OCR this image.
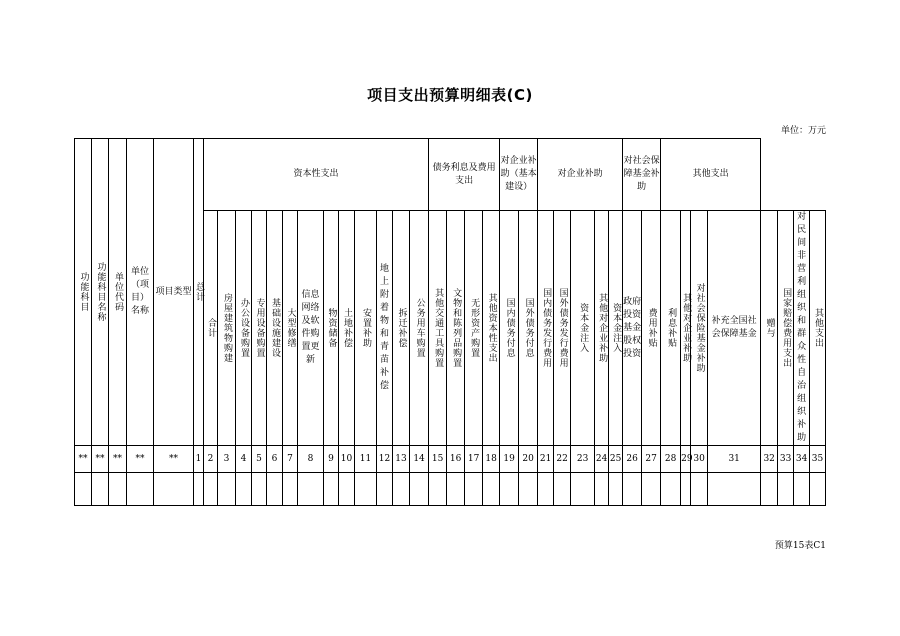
项目支出预算明细表(C)
单位：万元
功能科目	功能科目名称	单位代码	单位（项目）名称	项目类型	总计	资本性支出													债务利息及费用支出				对企业补助（基本建设）		对企业补助					对社会保障基金补助		其他支出							
						合计	房屋建筑物购建	办公设备购置	专用设备购置	基础设施建设	大型修缮	信息网络及软件购置更新	物资储备	土地补偿	安置补助	地上附着物和青苗补偿	拆迁补偿	公务用车购置	其他交通工具购置	文物和陈列品购置	无形资产购置	其他资本性支出	国内债务付息	国外债务付息	国内债务发行费用	国外债务发行费用	资本金注入	其他对企业补助	资本金注入	政府投资基金股权投资	费用补贴	利息补贴	其他对企业补助	对社会保险基金补助	补充全国社会保障基金	赠与	国家赔偿费用支出	对民间非营利组织和群众性自治组织补助	其他支出
**	**	**	**	**	1	2	3	4	5	6	7	8	9	10	11	12	13	14	15	16	17	18	19	20	21	22	23	24	25	26	27	28	29	30	31	32	33	34	35

预算15表C1
